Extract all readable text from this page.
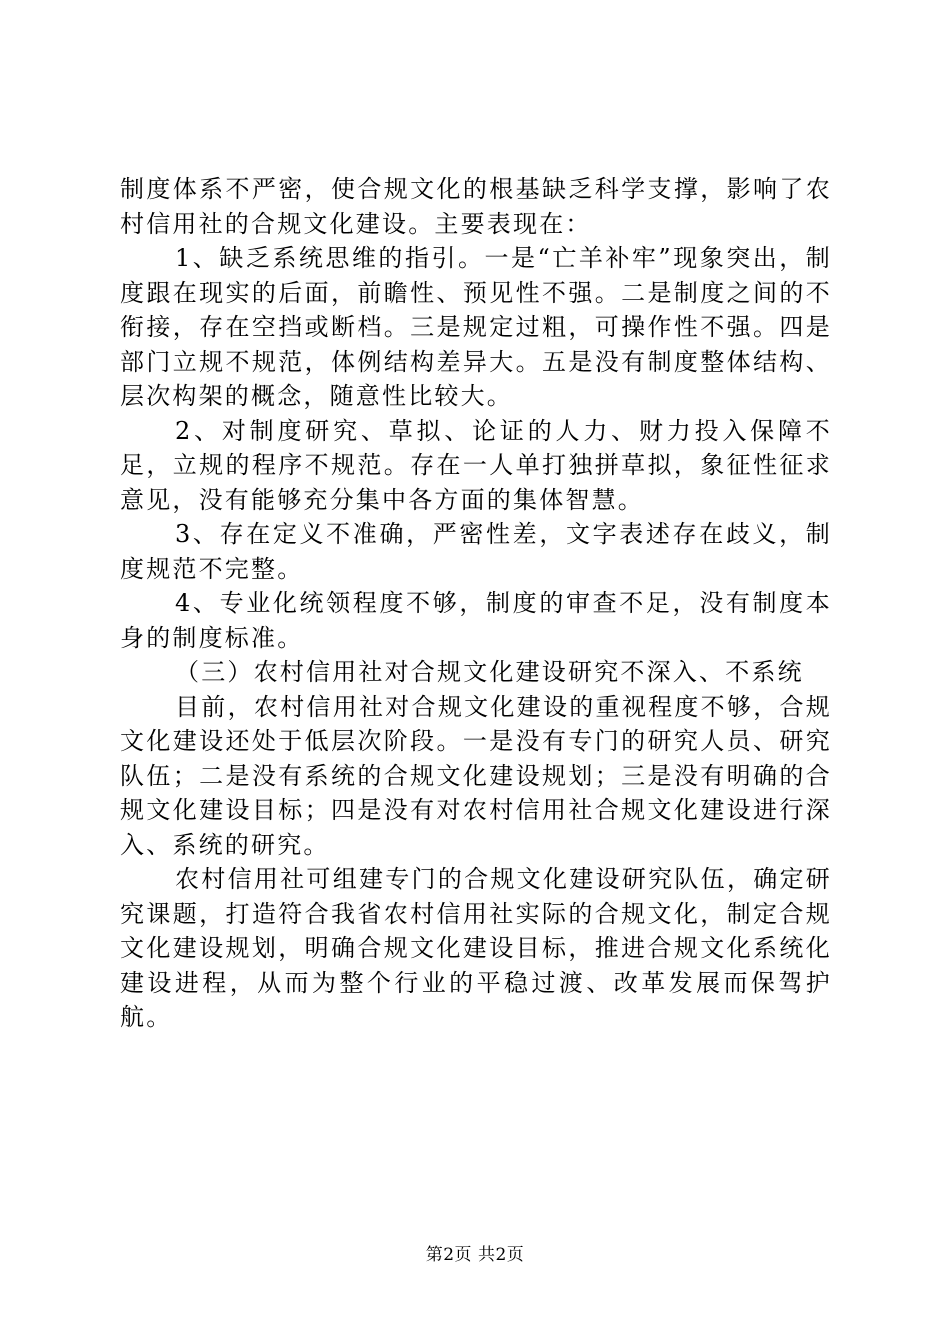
制度体系不严密，使合规文化的根基缺乏科学支撑，影响了农村信用社的合规文化建设。主要表现在：

1、缺乏系统思维的指引。一是“亡羊补牢”现象突出，制度跟在现实的后面，前瞻性、预见性不强。二是制度之间的不衔接，存在空挡或断档。三是规定过粗，可操作性不强。四是部门立规不规范，体例结构差异大。五是没有制度整体结构、层次构架的概念，随意性比较大。

2、对制度研究、草拟、论证的人力、财力投入保障不足，立规的程序不规范。存在一人单打独拼草拟，象征性征求意见，没有能够充分集中各方面的集体智慧。

3、存在定义不准确，严密性差，文字表述存在歧义，制度规范不完整。

4、专业化统领程度不够，制度的审查不足，没有制度本身的制度标准。

（三）农村信用社对合规文化建设研究不深入、不系统

目前，农村信用社对合规文化建设的重视程度不够，合规文化建设还处于低层次阶段。一是没有专门的研究人员、研究队伍；二是没有系统的合规文化建设规划；三是没有明确的合规文化建设目标；四是没有对农村信用社合规文化建设进行深入、系统的研究。

农村信用社可组建专门的合规文化建设研究队伍，确定研究课题，打造符合我省农村信用社实际的合规文化，制定合规文化建设规划，明确合规文化建设目标，推进合规文化系统化建设进程，从而为整个行业的平稳过渡、改革发展而保驾护航。

第2页 共2页
